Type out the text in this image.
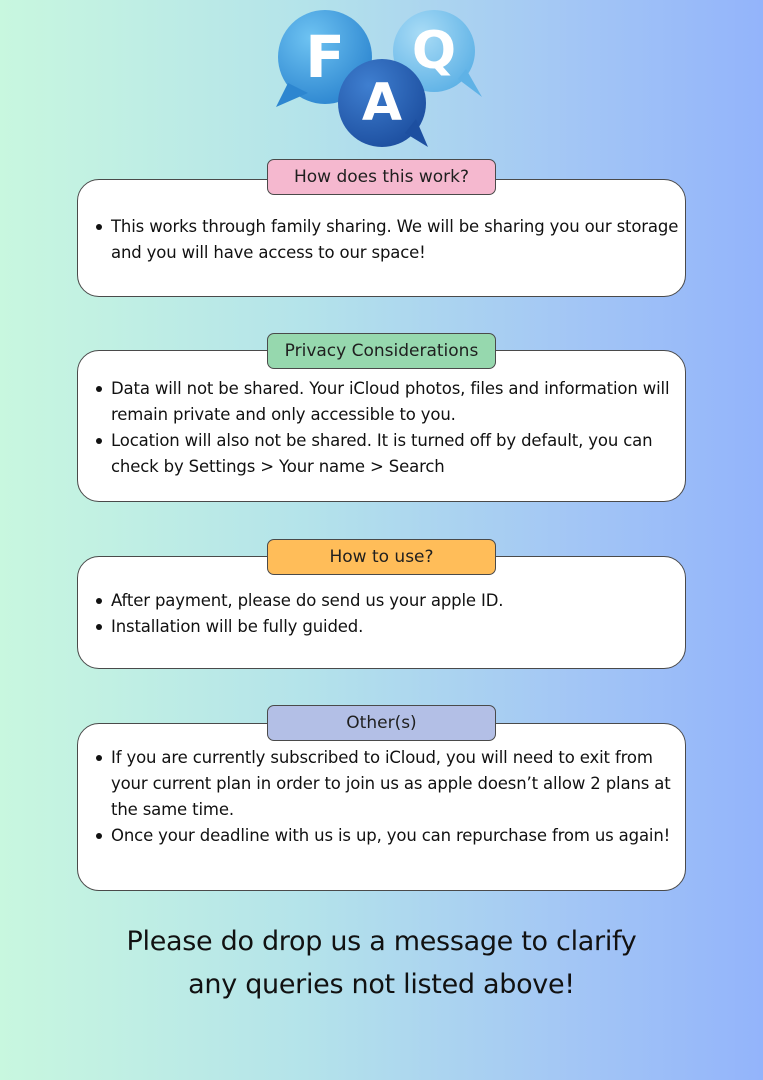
F
A
Q
This works through family sharing. We will be sharing you our storage and you will have access to our space!
How does this work?
Data will not be shared. Your iCloud photos, files and information will remain private and only accessible to you.
Location will also not be shared. It is turned off by default, you can check by Settings > Your name > Search
Privacy Considerations
After payment, please do send us your apple ID.
Installation will be fully guided.
How to use?
If you are currently subscribed to iCloud, you will need to exit from your current plan in order to join us as apple doesn’t allow 2 plans at the same time.
Once your deadline with us is up, you can repurchase from us again!
Other(s)
Please do drop us a message to clarify
any queries not listed above!
